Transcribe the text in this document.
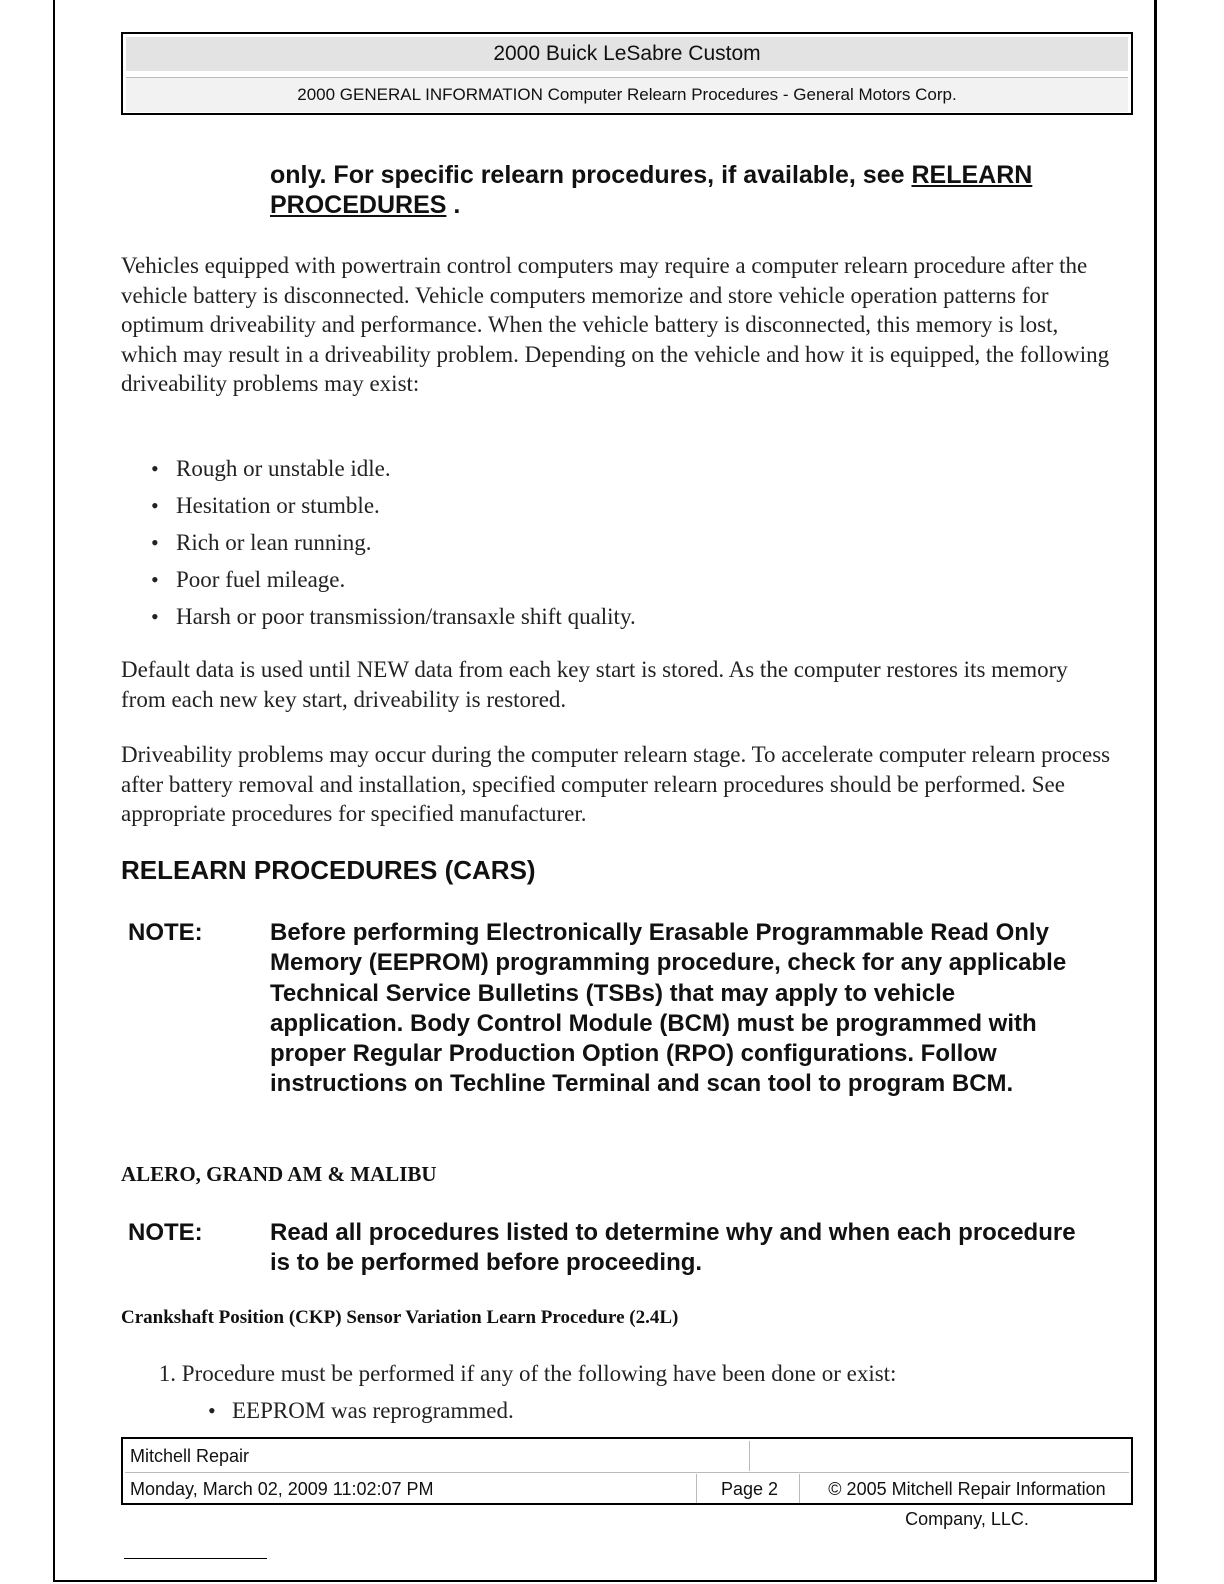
2000 Buick LeSabre Custom
2000 GENERAL INFORMATION Computer Relearn Procedures - General Motors Corp.
only. For specific relearn procedures, if available, see RELEARN PROCEDURES .
Vehicles equipped with powertrain control computers may require a computer relearn procedure after the vehicle battery is disconnected. Vehicle computers memorize and store vehicle operation patterns for optimum driveability and performance. When the vehicle battery is disconnected, this memory is lost, which may result in a driveability problem. Depending on the vehicle and how it is equipped, the following driveability problems may exist:
• Rough or unstable idle.
• Hesitation or stumble.
• Rich or lean running.
• Poor fuel mileage.
• Harsh or poor transmission/transaxle shift quality.
Default data is used until NEW data from each key start is stored. As the computer restores its memory from each new key start, driveability is restored.
Driveability problems may occur during the computer relearn stage. To accelerate computer relearn process after battery removal and installation, specified computer relearn procedures should be performed. See appropriate procedures for specified manufacturer.
RELEARN PROCEDURES (CARS)
NOTE:	Before performing Electronically Erasable Programmable Read Only Memory (EEPROM) programming procedure, check for any applicable Technical Service Bulletins (TSBs) that may apply to vehicle application. Body Control Module (BCM) must be programmed with proper Regular Production Option (RPO) configurations. Follow instructions on Techline Terminal and scan tool to program BCM.
ALERO, GRAND AM & MALIBU
NOTE:	Read all procedures listed to determine why and when each procedure is to be performed before proceeding.
Crankshaft Position (CKP) Sensor Variation Learn Procedure (2.4L)
1. Procedure must be performed if any of the following have been done or exist:
• EEPROM was reprogrammed.
Mitchell Repair
Monday, March 02, 2009 11:02:07 PM	Page 2	© 2005 Mitchell Repair Information Company, LLC.
